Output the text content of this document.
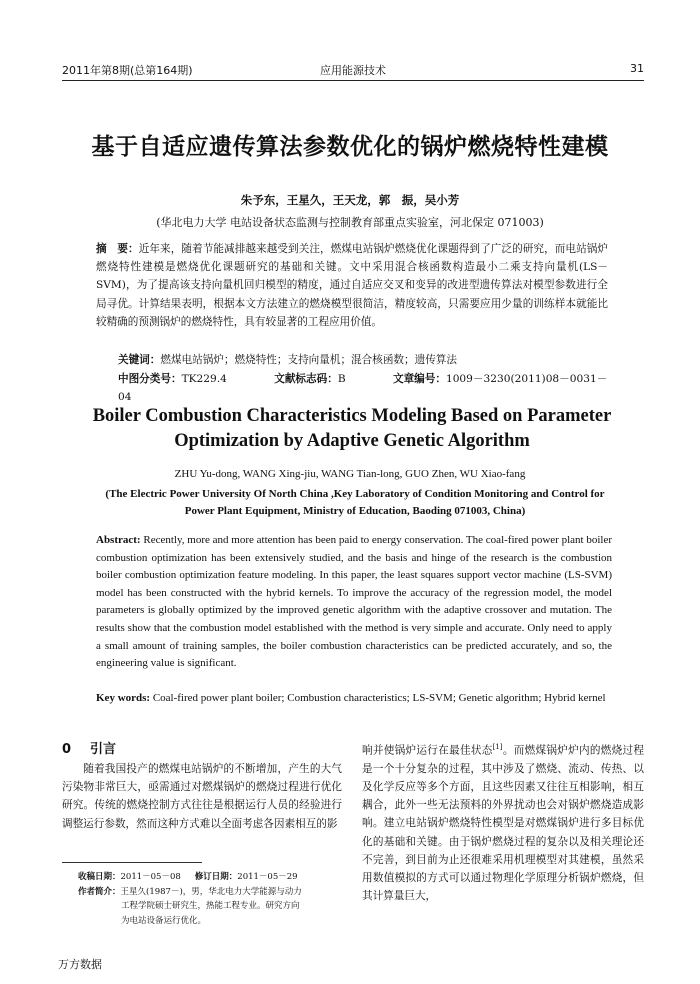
2011年第8期(总第164期)	应用能源技术	31
基于自适应遗传算法参数优化的锅炉燃烧特性建模
朱予东，王星久，王天龙，郭　振，吴小芳
(华北电力大学 电站设备状态监测与控制教育部重点实验室，河北保定 071003)
摘　要：近年来，随着节能减排越来越受到关注，燃煤电站锅炉燃烧优化课题得到了广泛的研究，而电站锅炉燃烧特性建模是燃烧优化课题研究的基础和关键。文中采用混合核函数构造最小二乘支持向量机(LS－SVM)，为了提高该支持向量机回归模型的精度，通过自适应交叉和变异的改进型遗传算法对模型参数进行全局寻优。计算结果表明，根据本文方法建立的燃烧模型很简洁，精度较高，只需要应用少量的训练样本就能比较精确的预测锅炉的燃烧特性，具有较显著的工程应用价值。
关键词：燃煤电站锅炉；燃烧特性；支持向量机；混合核函数；遗传算法
中图分类号：TK229.4	文献标志码：B	文章编号：1009－3230(2011)08－0031－04
Boiler Combustion Characteristics Modeling Based on Parameter Optimization by Adaptive Genetic Algorithm
ZHU Yu-dong, WANG Xing-jiu, WANG Tian-long, GUO Zhen, WU Xiao-fang
(The Electric Power University Of North China ,Key Laboratory of Condition Monitoring and Control for Power Plant Equipment, Ministry of Education, Baoding 071003, China)
Abstract: Recently, more and more attention has been paid to energy conservation. The coal-fired power plant boiler combustion optimization has been extensively studied, and the basis and hinge of the research is the combustion boiler combustion optimization feature modeling. In this paper, the least squares support vector machine (LS-SVM) model has been constructed with the hybrid kernels. To improve the accuracy of the regression model, the model parameters is globally optimized by the improved genetic algorithm with the adaptive crossover and mutation. The results show that the combustion model established with the method is very simple and accurate. Only need to apply a small amount of training samples, the boiler combustion characteristics can be predicted accurately, and so, the engineering value is significant.
Key words: Coal-fired power plant boiler; Combustion characteristics; LS-SVM; Genetic algorithm; Hybrid kernel
0 引言

随着我国投产的燃煤电站锅炉的不断增加，产生的大气污染物非常巨大，亟需通过对燃煤锅炉的燃烧过程进行优化研究。传统的燃烧控制方式往往是根据运行人员的经验进行调整运行参数，然而这种方式难以全面考虑各因素相互的影

响并使锅炉运行在最佳状态[1]。而燃煤锅炉炉内的燃烧过程是一个十分复杂的过程，其中涉及了燃烧、流动、传热、以及化学反应等多个方面，且这些因素又往往互相影响，相互耦合，此外一些无法预料的外界扰动也会对锅炉燃烧造成影响。建立电站锅炉燃烧特性模型是对燃煤锅炉进行多目标优化的基础和关键。由于锅炉燃烧过程的复杂以及相关理论还不完善，到目前为止还很难采用机理模型对其建模，虽然采用数值模拟的方式可以通过物理化学原理分析锅炉燃烧，但其计算量巨大，

收稿日期：2011－05－08 修订日期：2011－05－29
作者简介：王星久(1987－)，男，华北电力大学能源与动力
工程学院硕士研究生，热能工程专业。研究方向
为电站设备运行优化。
万方数据
